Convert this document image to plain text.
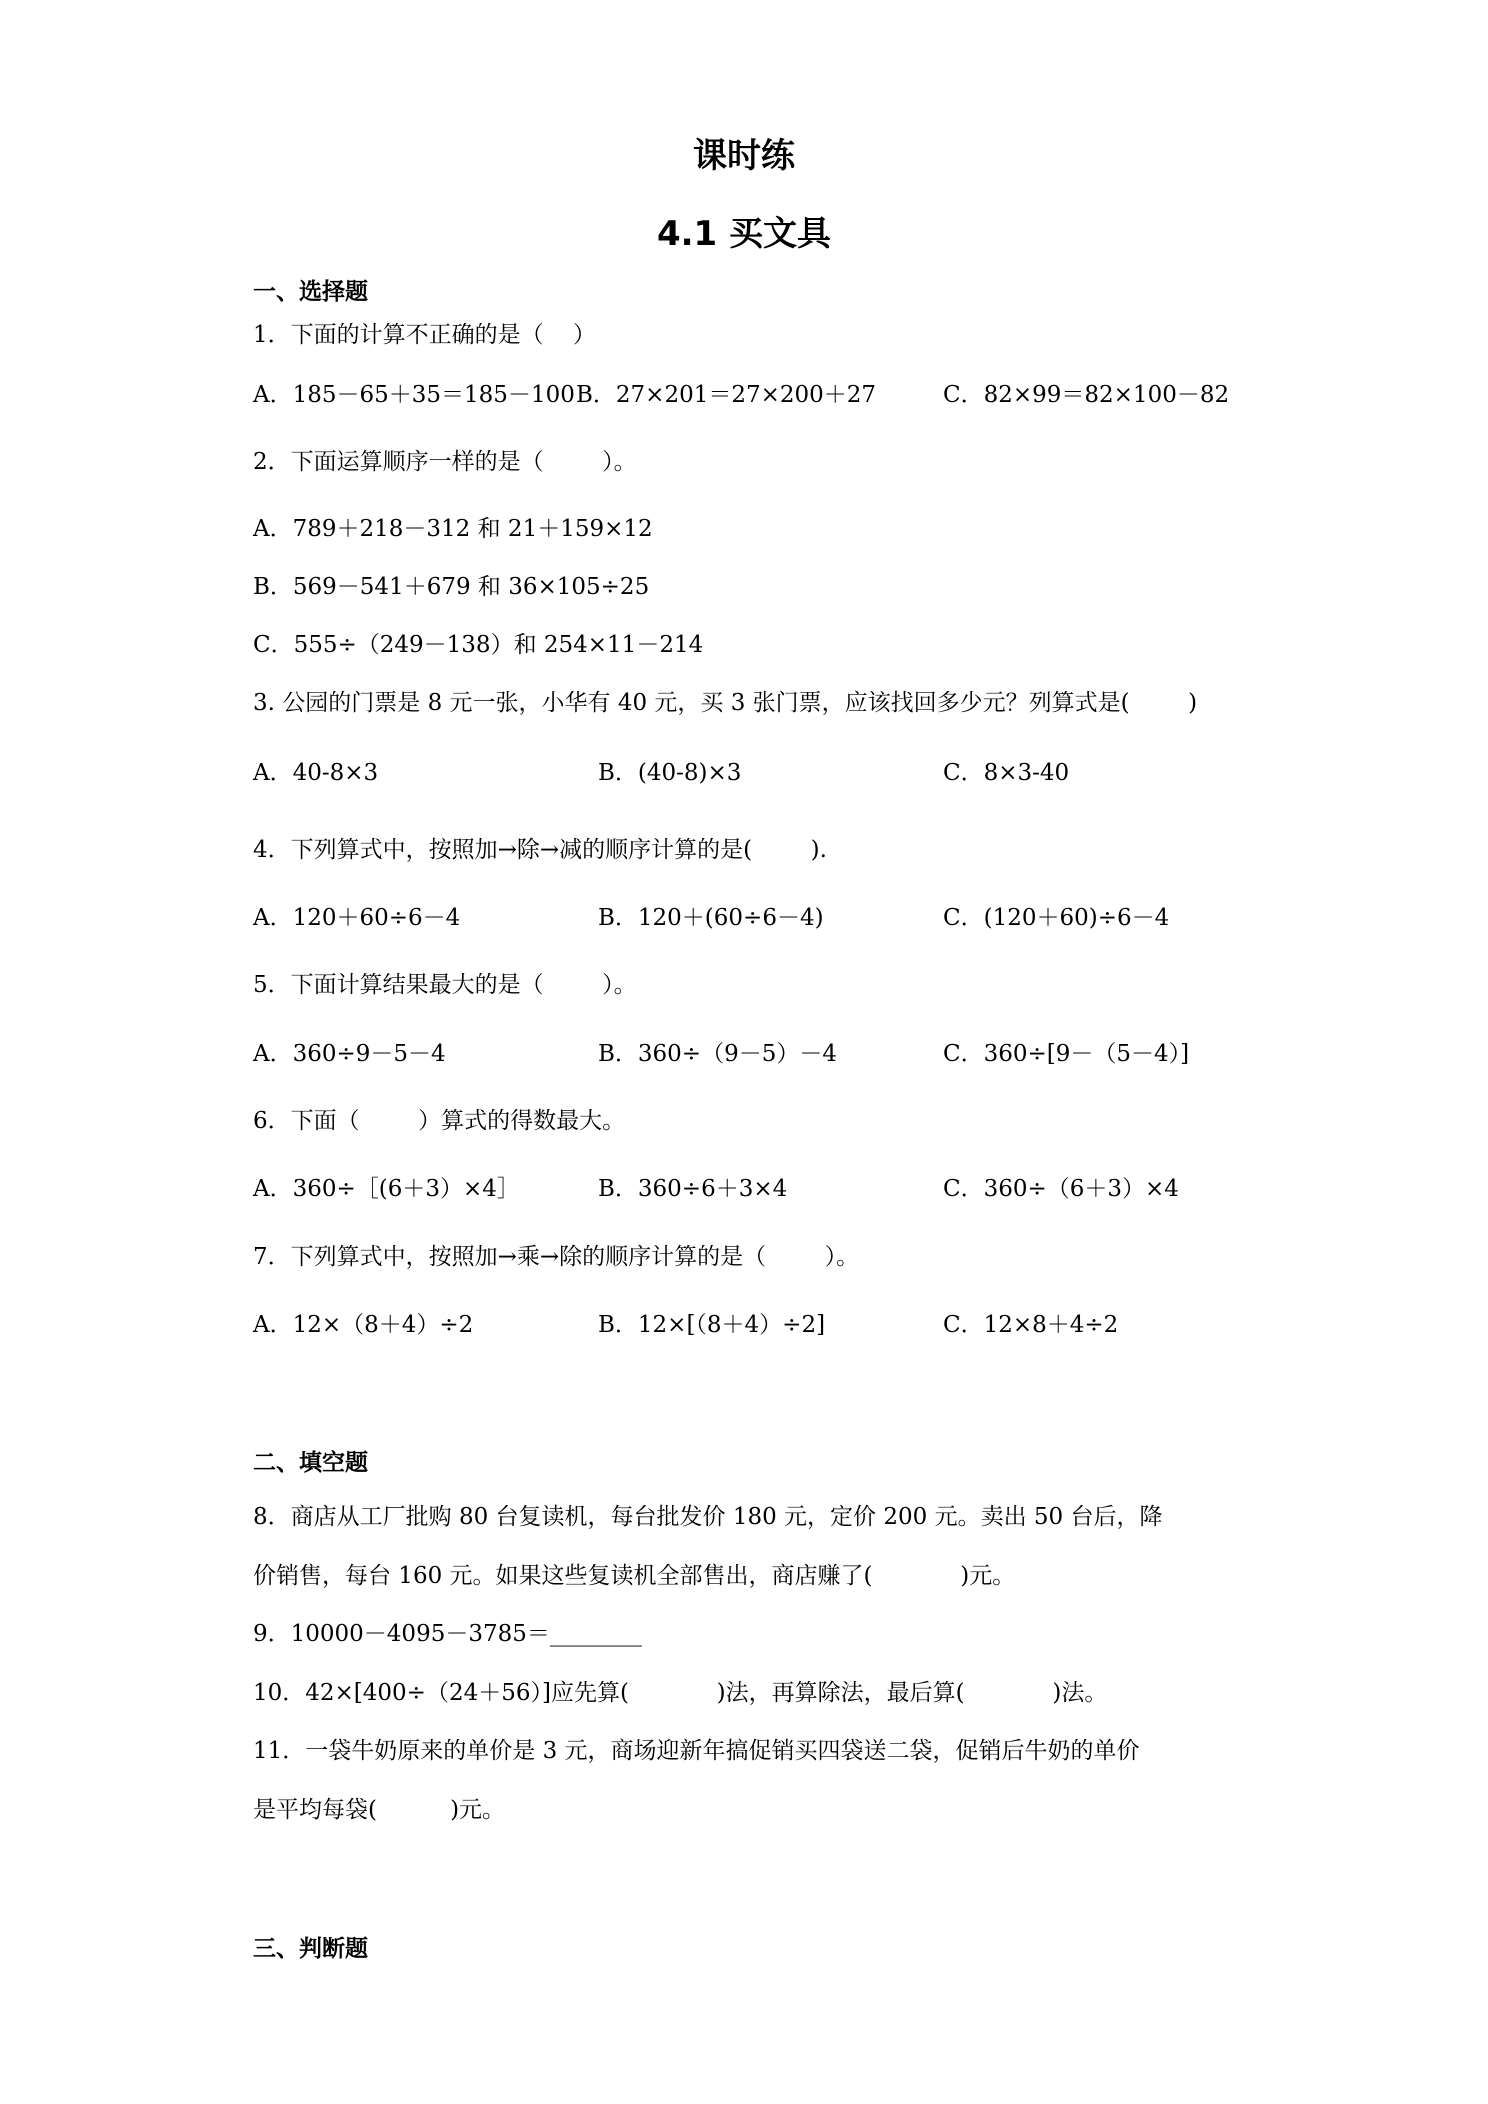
课时练
4.1 买文具
一、选择题
1．下面的计算不正确的是（    ）
A．185－65＋35＝185－100 B．27×201＝27×200＋27	C．82×99＝82×100－82
2．下面运算顺序一样的是（        ）。
A．789＋218－312 和 21＋159×12
B．569－541＋679 和 36×105÷25
C．555÷（249－138）和 254×11－214
3. 公园的门票是 8 元一张，小华有 40 元，买 3 张门票，应该找回多少元？列算式是(        )
A．40-8×3	B．(40-8)×3	C．8×3-40
4．下列算式中，按照加→除→减的顺序计算的是(        ).
A．120＋60÷6－4	B．120＋(60÷6－4)	C．(120＋60)÷6－4
5．下面计算结果最大的是（        ）。
A．360÷9－5－4	B．360÷（9－5）－4	C．360÷[9－（5－4）]
6．下面（        ）算式的得数最大。
A．360÷［(6＋3）×4］	B．360÷6＋3×4	C．360÷（6＋3）×4
7．下列算式中，按照加→乘→除的顺序计算的是（        ）。
A．12×（8＋4）÷2	B．12×[（8＋4）÷2]	C．12×8＋4÷2
二、填空题
8．商店从工厂批购 80 台复读机，每台批发价 180 元，定价 200 元。卖出 50 台后，降
价销售，每台 160 元。如果这些复读机全部售出，商店赚了(            )元。
9．10000－4095－3785＝________
10．42×[400÷（24＋56）]应先算(            )法，再算除法，最后算(            )法。
11．一袋牛奶原来的单价是 3 元，商场迎新年搞促销买四袋送二袋，促销后牛奶的单价
是平均每袋(          )元。
三、判断题
